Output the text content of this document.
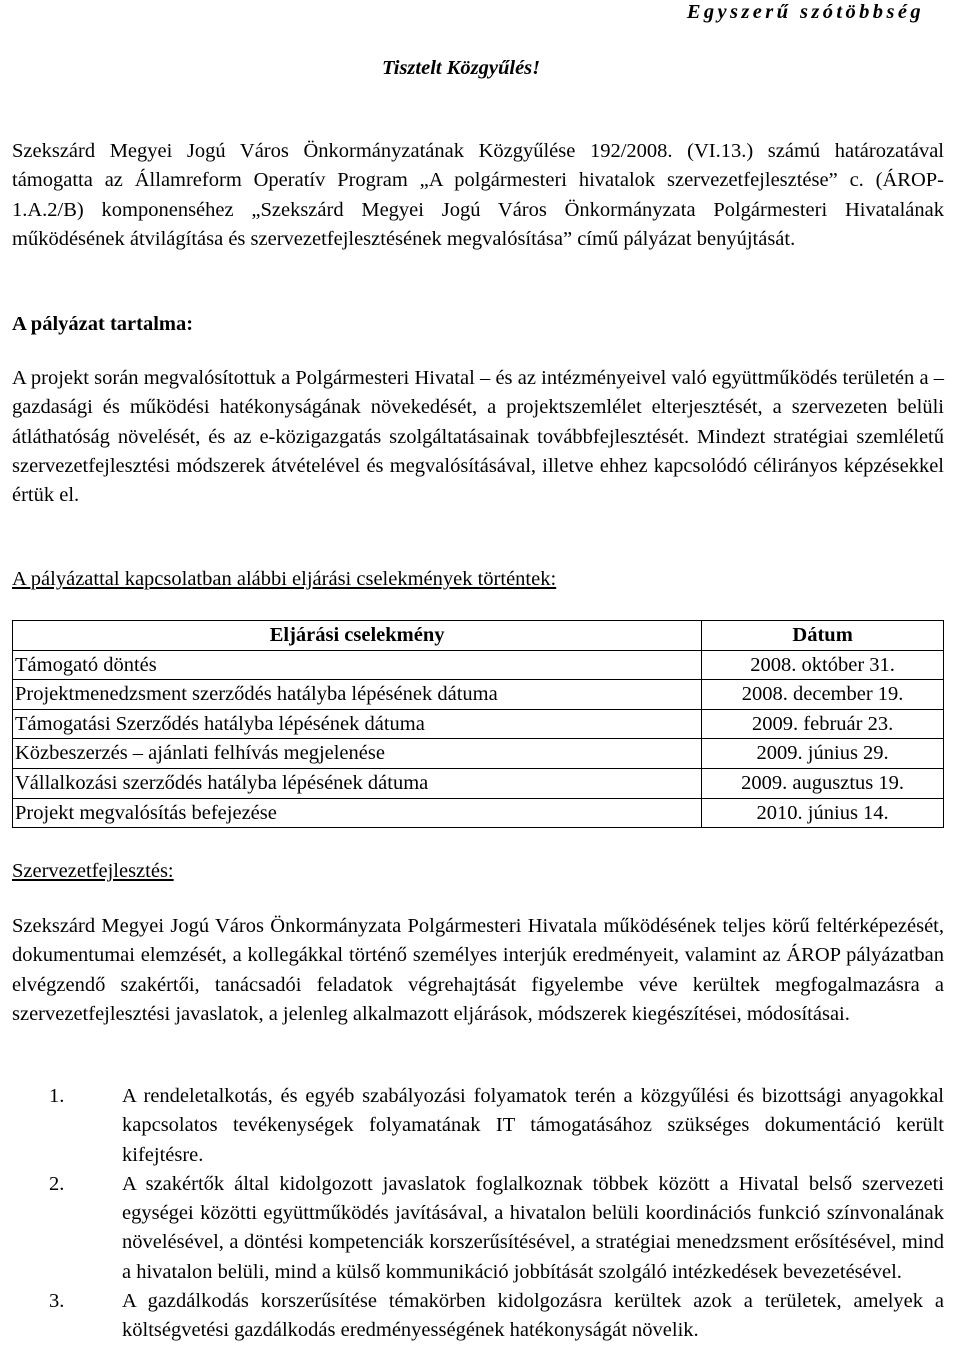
Egyszerű szótöbbség
Tisztelt Közgyűlés!

Szekszárd Megyei Jogú Város Önkormányzatának Közgyűlése 192/2008. (VI.13.) számú határozatával támogatta az Államreform Operatív Program „A polgármesteri hivatalok szervezetfejlesztése” c. (ÁROP-1.A.2/B) komponenséhez „Szekszárd Megyei Jogú Város Önkormányzata Polgármesteri Hivatalának működésének átvilágítása és szervezetfejlesztésének megvalósítása” című pályázat benyújtását.

A pályázat tartalma:

A projekt során megvalósítottuk a Polgármesteri Hivatal – és az intézményeivel való együttműködés területén a – gazdasági és működési hatékonyságának növekedését, a projektszemlélet elterjesztését, a szervezeten belüli átláthatóság növelését, és az e-közigazgatás szolgáltatásainak továbbfejlesztését. Mindezt stratégiai szemléletű szervezetfejlesztési módszerek átvételével és megvalósításával, illetve ehhez kapcsolódó célirányos képzésekkel értük el.

A pályázattal kapcsolatban alábbi eljárási cselekmények történtek:
Eljárási cselekmény	Dátum
Támogató döntés	2008. október 31.
Projektmenedzsment szerződés hatályba lépésének dátuma	2008. december 19.
Támogatási Szerződés hatályba lépésének dátuma	2009. február 23.
Közbeszerzés – ajánlati felhívás megjelenése	2009. június 29.
Vállalkozási szerződés hatályba lépésének dátuma	2009. augusztus 19.
Projekt megvalósítás befejezése	2010. június 14.
Szervezetfejlesztés:

Szekszárd Megyei Jogú Város Önkormányzata Polgármesteri Hivatala működésének teljes körű feltérképezését, dokumentumai elemzését, a kollegákkal történő személyes interjúk eredményeit, valamint az ÁROP pályázatban elvégzendő szakértői, tanácsadói feladatok végrehajtását figyelembe véve kerültek megfogalmazásra a szervezetfejlesztési javaslatok, a jelenleg alkalmazott eljárások, módszerek kiegészítései, módosításai.

1.	A rendeletalkotás, és egyéb szabályozási folyamatok terén a közgyűlési és bizottsági anyagokkal kapcsolatos tevékenységek folyamatának IT támogatásához szükséges dokumentáció került kifejtésre.
2.	A szakértők által kidolgozott javaslatok foglalkoznak többek között a Hivatal belső szervezeti egységei közötti együttműködés javításával, a hivatalon belüli koordinációs funkció színvonalának növelésével, a döntési kompetenciák korszerűsítésével, a stratégiai menedzsment erősítésével, mind a hivatalon belüli, mind a külső kommunikáció jobbítását szolgáló intézkedések bevezetésével.
3.	A gazdálkodás korszerűsítése témakörben kidolgozásra kerültek azok a területek, amelyek a költségvetési gazdálkodás eredményességének hatékonyságát növelik.
